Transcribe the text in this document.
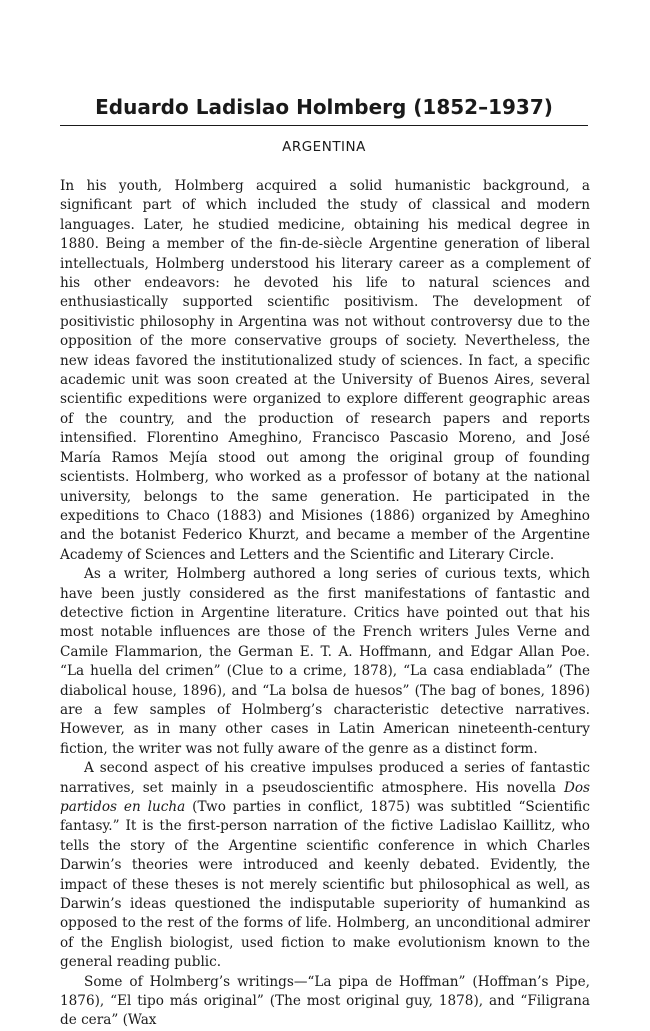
Eduardo Ladislao Holmberg (1852–1937)
ARGENTINA

In his youth, Holmberg acquired a solid humanistic background, a significant part of which included the study of classical and modern languages. Later, he studied medicine, obtaining his medical degree in 1880. Being a member of the fin-de-siècle Argentine generation of liberal intellectuals, Holmberg understood his literary career as a complement of his other endeavors: he devoted his life to natural sciences and enthusiastically supported scientific positivism. The development of positivistic philosophy in Argentina was not without controversy due to the opposition of the more conservative groups of society. Nevertheless, the new ideas favored the institutionalized study of sciences. In fact, a specific academic unit was soon created at the University of Buenos Aires, several scientific expeditions were organized to explore different geographic areas of the country, and the production of research papers and reports intensified. Florentino Ameghino, Francisco Pascasio Moreno, and José María Ramos Mejía stood out among the original group of founding scientists. Holmberg, who worked as a professor of botany at the national university, belongs to the same generation. He participated in the expeditions to Chaco (1883) and Misiones (1886) organized by Ameghino and the botanist Federico Khurzt, and became a member of the Argentine Academy of Sciences and Letters and the Scientific and Literary Circle.

As a writer, Holmberg authored a long series of curious texts, which have been justly considered as the first manifestations of fantastic and detective fiction in Argentine literature. Critics have pointed out that his most notable influences are those of the French writers Jules Verne and Camile Flammarion, the German E. T. A. Hoffmann, and Edgar Allan Poe. “La huella del crimen” (Clue to a crime, 1878), “La casa endiablada” (The diabolical house, 1896), and “La bolsa de huesos” (The bag of bones, 1896) are a few samples of Holmberg’s characteristic detective narratives. However, as in many other cases in Latin American nineteenth-century fiction, the writer was not fully aware of the genre as a distinct form.

A second aspect of his creative impulses produced a series of fantastic narratives, set mainly in a pseudoscientific atmosphere. His novella Dos partidos en lucha (Two parties in conflict, 1875) was subtitled “Scientific fantasy.” It is the first-person narration of the fictive Ladislao Kaillitz, who tells the story of the Argentine scientific conference in which Charles Darwin’s theories were introduced and keenly debated. Evidently, the impact of these theses is not merely scientific but philosophical as well, as Darwin’s ideas questioned the indisputable superiority of humankind as opposed to the rest of the forms of life. Holmberg, an unconditional admirer of the English biologist, used fiction to make evolutionism known to the general reading public.

Some of Holmberg’s writings—“La pipa de Hoffman” (Hoffman’s Pipe, 1876), “El tipo más original” (The most original guy, 1878), and “Filigrana de cera” (Wax
